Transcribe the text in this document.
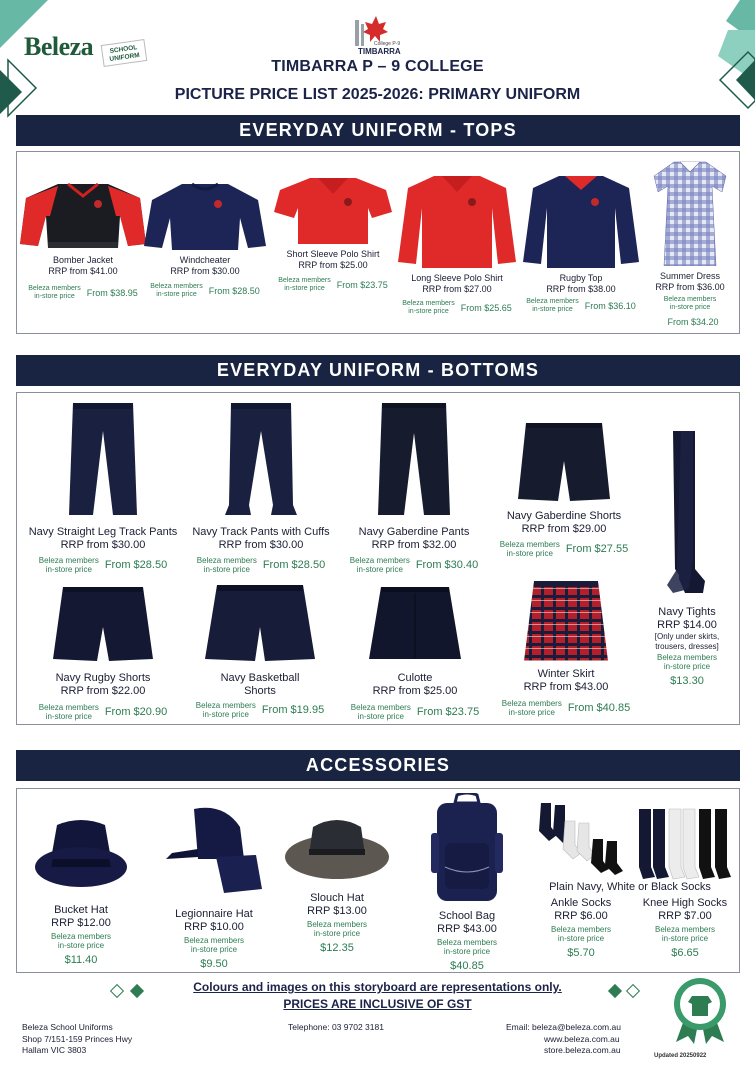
Beleza	SCHOOL
UNIFORM
College P-9
TIMBARRA
TIMBARRA P – 9 COLLEGE
PICTURE PRICE LIST 2025-2026: PRIMARY UNIFORM
EVERYDAY UNIFORM - TOPS
Bomber Jacket
RRP from $41.00
Beleza members
in-store price From $38.95
Windcheater
RRP from $30.00
Beleza members
in-store price From $28.50
Short Sleeve Polo Shirt
RRP from $25.00
Beleza members
in-store price From $23.75
Long Sleeve Polo Shirt
RRP from $27.00
Beleza members
in-store price From $25.65
Rugby Top
RRP from $38.00
Beleza members
in-store price From $36.10
Summer Dress
RRP from $36.00
Beleza members
in-store priceFrom $34.20
EVERYDAY UNIFORM - BOTTOMS
Navy Straight Leg Track Pants
RRP from $30.00
Beleza members
in-store price From $28.50
Navy Track Pants with Cuffs
RRP from $30.00
Beleza members
in-store price From $28.50
Navy Gaberdine Pants
RRP from $32.00
Beleza members
in-store price From $30.40
Navy Gaberdine Shorts
RRP from $29.00
Beleza members
in-store price From $27.55
Navy Tights
RRP $14.00
[Only under skirts,
trousers, dresses]
Beleza members
in-store price
$13.30
Navy Rugby Shorts
RRP from $22.00
Beleza members
in-store price From $20.90
Navy Basketball
Shorts
Beleza members
in-store price From $19.95
Culotte
RRP from $25.00
Beleza members
in-store price From $23.75
Winter Skirt
RRP from $43.00
Beleza members
in-store price From $40.85
ACCESSORIES
Bucket Hat
RRP $12.00
Beleza members
in-store price
$11.40
Legionnaire Hat
RRP $10.00
Beleza members
in-store price
$9.50
Slouch Hat
RRP $13.00
Beleza members
in-store price
$12.35
School Bag
RRP $43.00
Beleza members
in-store price
$40.85
Plain Navy, White or Black Socks
Ankle Socks
RRP $6.00
Beleza members
in-store price
$5.70
Knee High Socks
RRP $7.00
Beleza members
in-store price
$6.65
Colours and images on this storyboard are representations only.
PRICES ARE INCLUSIVE OF GST
Beleza School Uniforms
Shop 7/151-159 Princes Hwy
Hallam VIC 3803
Telephone: 03 9702 3181	Email: beleza@beleza.com.au
www.beleza.com.au
store.beleza.com.au
Updated 20250922
